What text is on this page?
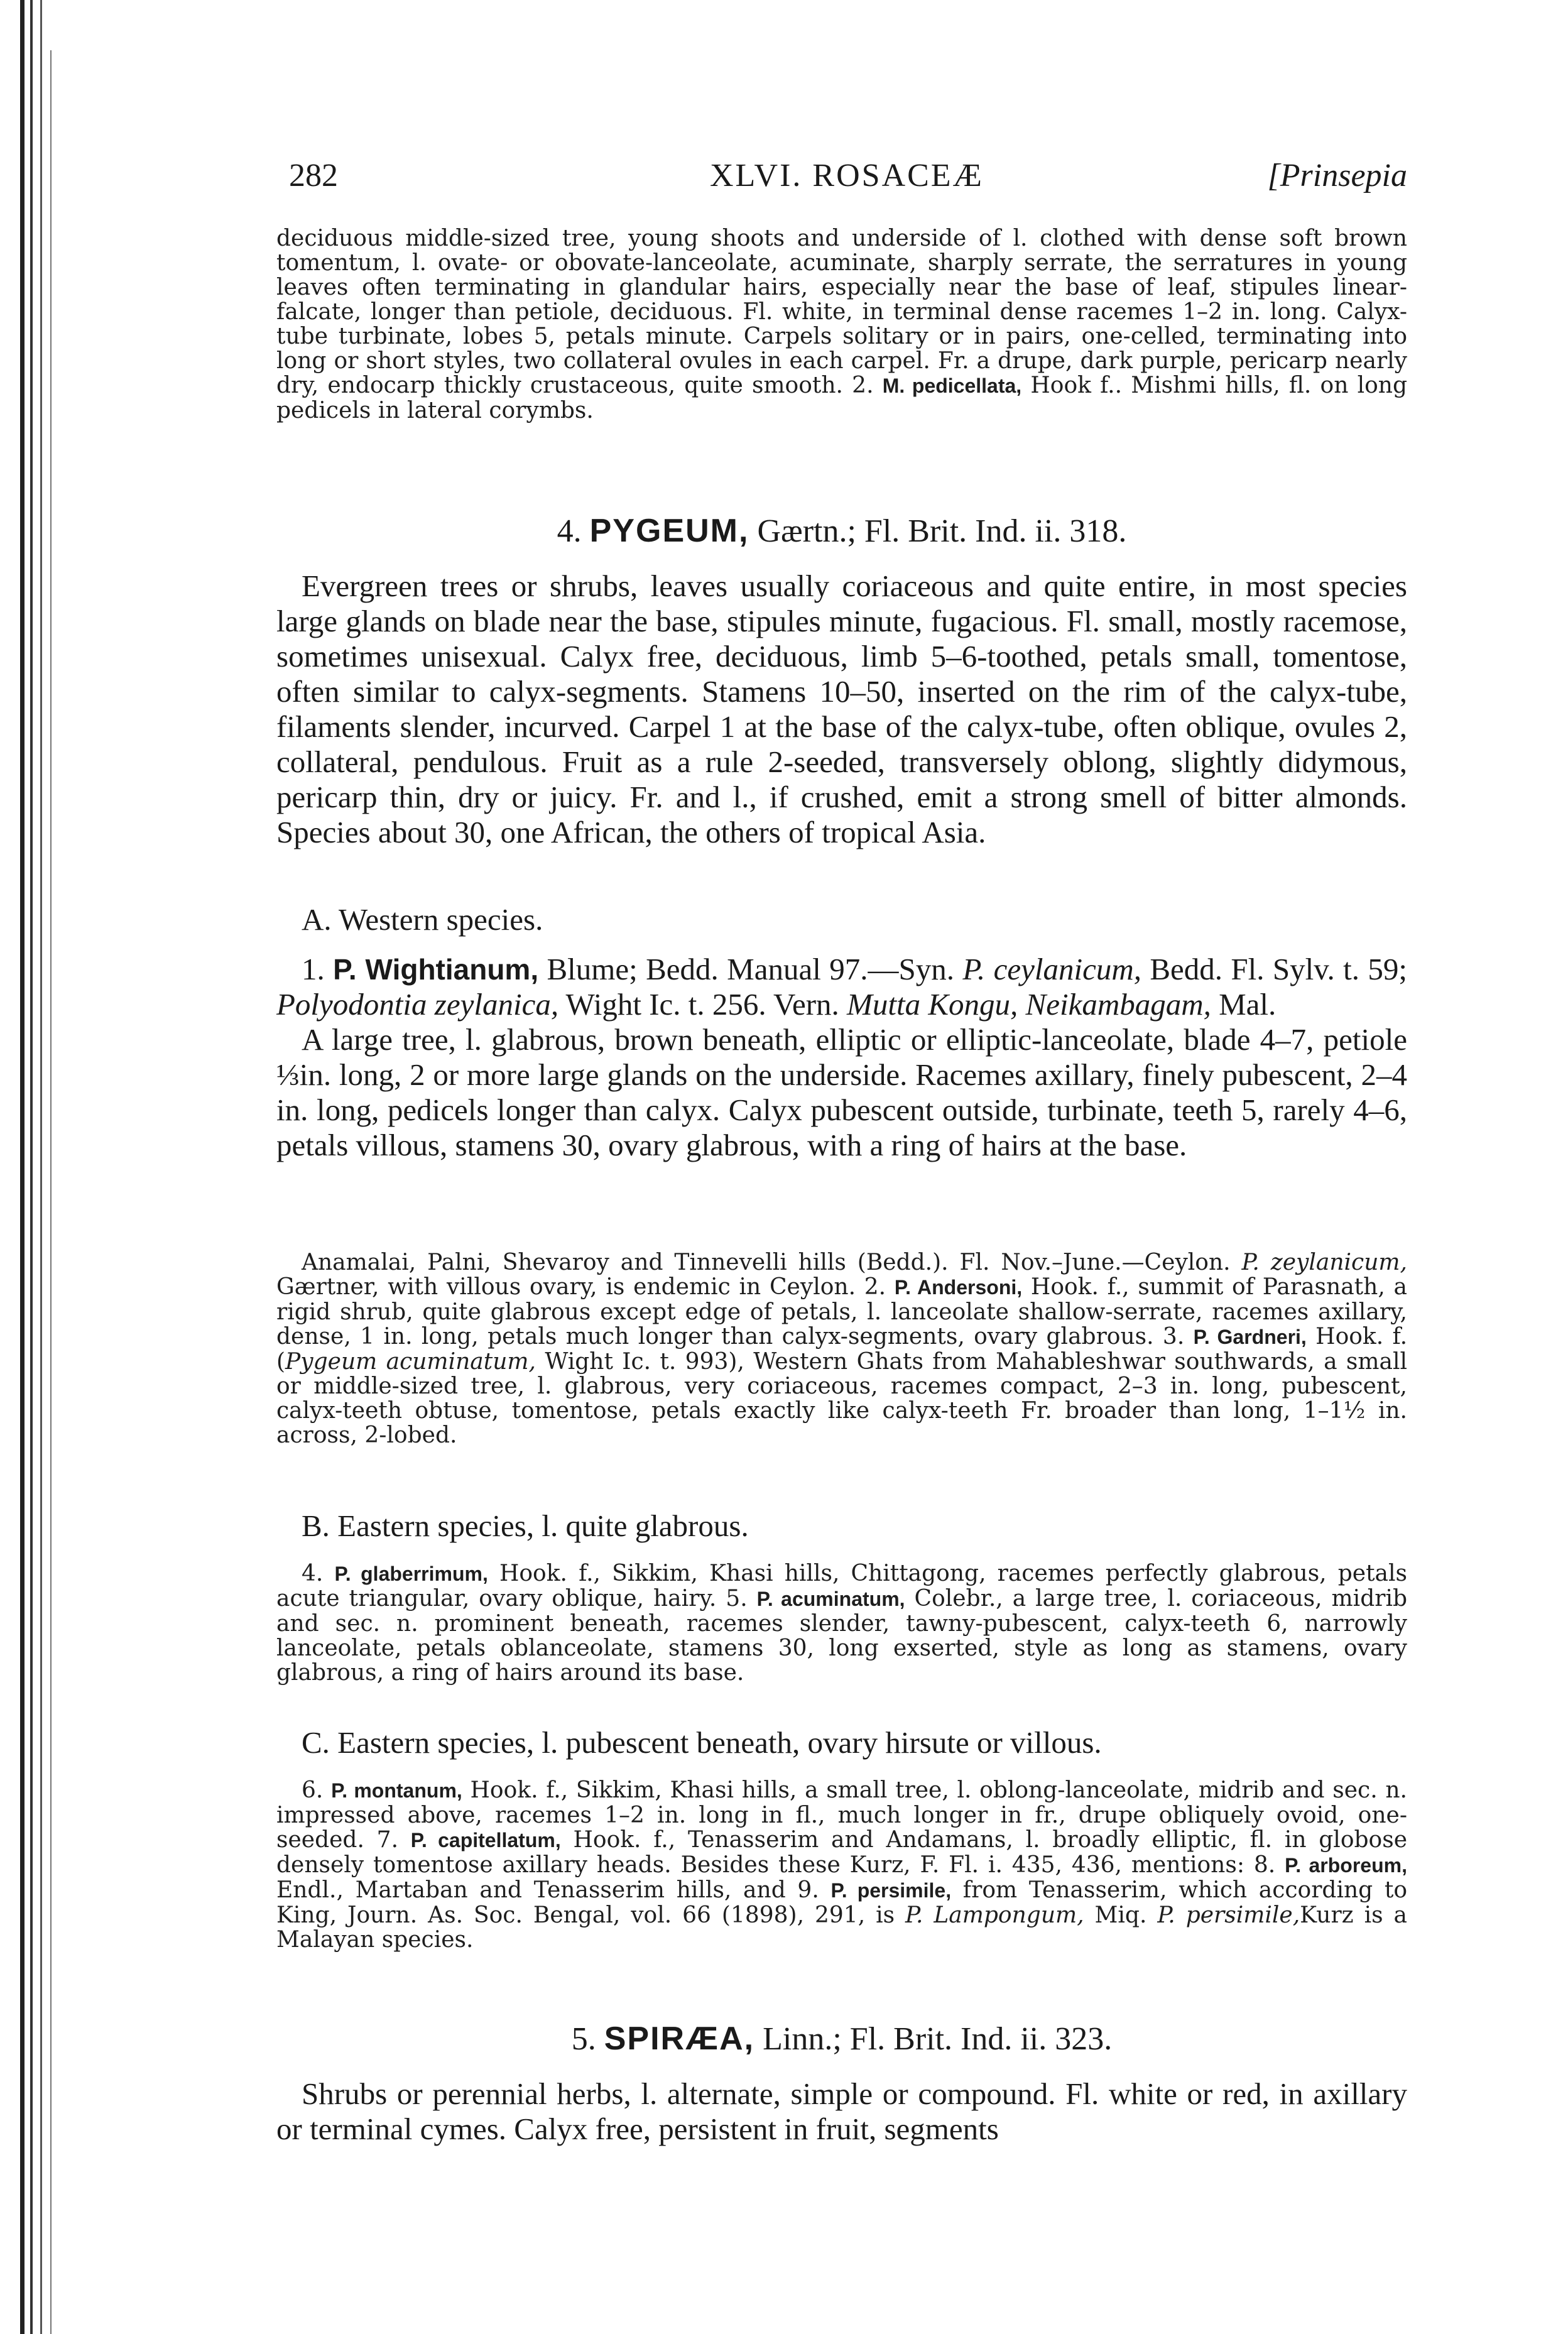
282	XLVI. ROSACEÆ	[Prinsepia

deciduous middle-sized tree, young shoots and underside of l. clothed with dense soft brown tomentum, l. ovate- or obovate-lanceolate, acuminate, sharply serrate, the serratures in young leaves often terminating in glandular hairs, especially near the base of leaf, stipules linear-falcate, longer than petiole, deciduous. Fl. white, in terminal dense racemes 1–2 in. long. Calyx-tube turbinate, lobes 5, petals minute. Carpels solitary or in pairs, one-celled, terminating into long or short styles, two collateral ovules in each carpel. Fr. a drupe, dark purple, pericarp nearly dry, endocarp thickly crustaceous, quite smooth. 2. M. pedicellata, Hook f.. Mishmi hills, fl. on long pedicels in lateral corymbs.

4. PYGEUM, Gærtn.; Fl. Brit. Ind. ii. 318.

Evergreen trees or shrubs, leaves usually coriaceous and quite entire, in most species large glands on blade near the base, stipules minute, fugacious. Fl. small, mostly racemose, sometimes unisexual. Calyx free, deciduous, limb 5–6-toothed, petals small, tomentose, often similar to calyx-segments. Stamens 10–50, inserted on the rim of the calyx-tube, filaments slender, incurved. Carpel 1 at the base of the calyx-tube, often oblique, ovules 2, collateral, pendulous. Fruit as a rule 2-seeded, transversely oblong, slightly didymous, pericarp thin, dry or juicy. Fr. and l., if crushed, emit a strong smell of bitter almonds. Species about 30, one African, the others of tropical Asia.

A. Western species.

1. P. Wightianum, Blume; Bedd. Manual 97.—Syn. P. ceylanicum, Bedd. Fl. Sylv. t. 59; Polyodontia zeylanica, Wight Ic. t. 256. Vern. Mutta Kongu, Neikambagam, Mal.

A large tree, l. glabrous, brown beneath, elliptic or elliptic-lanceolate, blade 4–7, petiole ⅓in. long, 2 or more large glands on the underside. Racemes axillary, finely pubescent, 2–4 in. long, pedicels longer than calyx. Calyx pubescent outside, turbinate, teeth 5, rarely 4–6, petals villous, stamens 30, ovary glabrous, with a ring of hairs at the base.

Anamalai, Palni, Shevaroy and Tinnevelli hills (Bedd.). Fl. Nov.–June.—Ceylon. P. zeylanicum, Gærtner, with villous ovary, is endemic in Ceylon. 2. P. Andersoni, Hook. f., summit of Parasnath, a rigid shrub, quite glabrous except edge of petals, l. lanceolate shallow-serrate, racemes axillary, dense, 1 in. long, petals much longer than calyx-segments, ovary glabrous. 3. P. Gardneri, Hook. f. (Pygeum acuminatum, Wight Ic. t. 993), Western Ghats from Mahableshwar southwards, a small or middle-sized tree, l. glabrous, very coriaceous, racemes compact, 2–3 in. long, pubescent, calyx-teeth obtuse, tomentose, petals exactly like calyx-teeth Fr. broader than long, 1–1½ in. across, 2-lobed.

B. Eastern species, l. quite glabrous.

4. P. glaberrimum, Hook. f., Sikkim, Khasi hills, Chittagong, racemes perfectly glabrous, petals acute triangular, ovary oblique, hairy. 5. P. acuminatum, Colebr., a large tree, l. coriaceous, midrib and sec. n. prominent beneath, racemes slender, tawny-pubescent, calyx-teeth 6, narrowly lanceolate, petals oblanceolate, stamens 30, long exserted, style as long as stamens, ovary glabrous, a ring of hairs around its base.

C. Eastern species, l. pubescent beneath, ovary hirsute or villous.

6. P. montanum, Hook. f., Sikkim, Khasi hills, a small tree, l. oblong-lanceolate, midrib and sec. n. impressed above, racemes 1–2 in. long in fl., much longer in fr., drupe obliquely ovoid, one-seeded. 7. P. capitellatum, Hook. f., Tenasserim and Andamans, l. broadly elliptic, fl. in globose densely tomentose axillary heads. Besides these Kurz, F. Fl. i. 435, 436, mentions: 8. P. arboreum, Endl., Martaban and Tenasserim hills, and 9. P. persimile, from Tenasserim, which according to King, Journ. As. Soc. Bengal, vol. 66 (1898), 291, is P. Lampongum, Miq. P. persimile,Kurz is a Malayan species.

5. SPIRÆA, Linn.; Fl. Brit. Ind. ii. 323.

Shrubs or perennial herbs, l. alternate, simple or compound. Fl. white or red, in axillary or terminal cymes. Calyx free, persistent in fruit, segments
